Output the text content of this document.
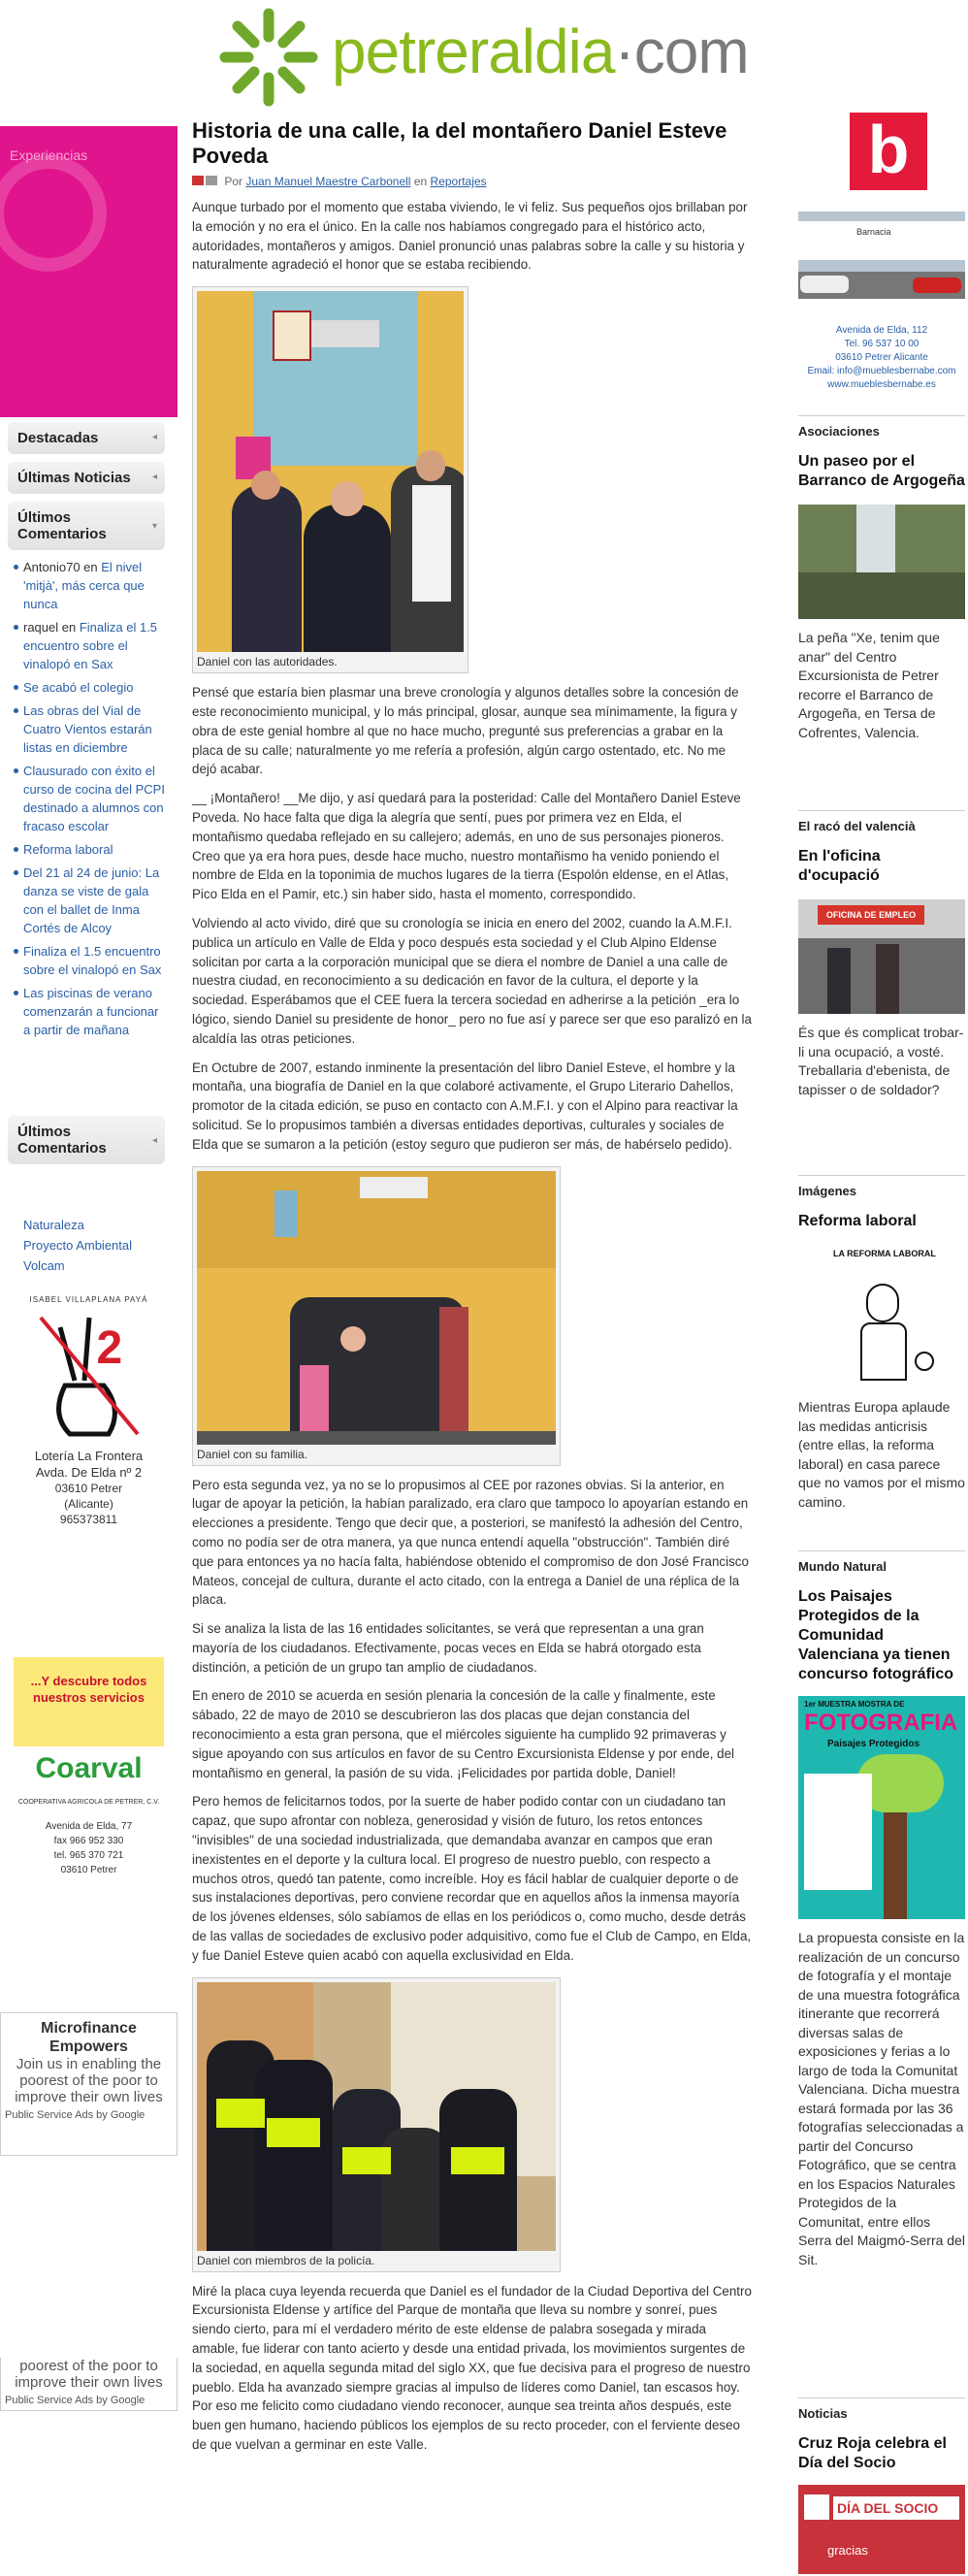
petreraldia·com
Experiencias
Destacadas	◂
Últimas Noticias ◂
Últimos Comentarios	▾
Antonio70 en El nivel 'mitjà', más cerca que nunca
raquel en Finaliza el 1.5 encuentro sobre el vinalopó en Sax
Se acabó el colegio
Las obras del Vial de Cuatro Vientos estarán listas en diciembre
Clausurado con éxito el curso de cocina del PCPI destinado a alumnos con fracaso escolar
Reforma laboral
Del 21 al 24 de junio: La danza se viste de gala con el ballet de Inma Cortés de Alcoy
Finaliza el 1.5 encuentro sobre el vinalopó en Sax
Las piscinas de verano comenzarán a funcionar a partir de mañana
Últimos Comentarios	◂
Naturaleza
Proyecto Ambiental
Volcam
ISABEL VILLAPLANA PAYÁ
2
Lotería La Frontera
Avda. De Elda nº 2
03610 Petrer
(Alicante)
965373811
...Y descubre todos nuestros servicios
Coarval
COOPERATIVA AGRICOLA DE PETRER, C.V.
Avenida de Elda, 77
fax 966 952 330
tel. 965 370 721
03610 Petrer
Microfinance Empowers
Join us in enabling the poorest of the poor to improve their own lives
Public Service Ads by Google
poorest of the poor to improve their own lives
Public Service Ads by Google
Historia de una calle, la del montañero Daniel Esteve Poveda
Por Juan Manuel Maestre Carbonell en Reportajes

Aunque turbado por el momento que estaba viviendo, le vi feliz. Sus pequeños ojos brillaban por la emoción y no era el único. En la calle nos habíamos congregado para el histórico acto, autoridades, montañeros y amigos. Daniel pronunció unas palabras sobre la calle y su historia y naturalmente agradeció el honor que se estaba recibiendo.

Daniel con las autoridades.

Pensé que estaría bien plasmar una breve cronología y algunos detalles sobre la concesión de este reconocimiento municipal, y lo más principal, glosar, aunque sea mínimamente, la figura y obra de este genial hombre al que no hace mucho, pregunté sus preferencias a grabar en la placa de su calle; naturalmente yo me refería a profesión, algún cargo ostentado, etc. No me dejó acabar.

__ ¡Montañero! __Me dijo, y así quedará para la posteridad: Calle del Montañero Daniel Esteve Poveda. No hace falta que diga la alegría que sentí, pues por primera vez en Elda, el montañismo quedaba reflejado en su callejero; además, en uno de sus personajes pioneros. Creo que ya era hora pues, desde hace mucho, nuestro montañismo ha venido poniendo el nombre de Elda en la toponimia de muchos lugares de la tierra (Espolón eldense, en el Atlas, Pico Elda en el Pamir, etc.) sin haber sido, hasta el momento, correspondido.

Volviendo al acto vivido, diré que su cronología se inicia en enero del 2002, cuando la A.M.F.I. publica un artículo en Valle de Elda y poco después esta sociedad y el Club Alpino Eldense solicitan por carta a la corporación municipal que se diera el nombre de Daniel a una calle de nuestra ciudad, en reconocimiento a su dedicación en favor de la cultura, el deporte y la sociedad. Esperábamos que el CEE fuera la tercera sociedad en adherirse a la petición _era lo lógico, siendo Daniel su presidente de honor_ pero no fue así y parece ser que eso paralizó en la alcaldía las otras peticiones.

En Octubre de 2007, estando inminente la presentación del libro Daniel Esteve, el hombre y la montaña, una biografía de Daniel en la que colaboré activamente, el Grupo Literario Dahellos, promotor de la citada edición, se puso en contacto con A.M.F.I. y con el Alpino para reactivar la solicitud. Se lo propusimos también a diversas entidades deportivas, culturales y sociales de Elda que se sumaron a la petición (estoy seguro que pudieron ser más, de habérselo pedido).

Daniel con su familia.

Pero esta segunda vez, ya no se lo propusimos al CEE por razones obvias. Si la anterior, en lugar de apoyar la petición, la habían paralizado, era claro que tampoco lo apoyarían estando en elecciones a presidente. Tengo que decir que, a posteriori, se manifestó la adhesión del Centro, como no podía ser de otra manera, ya que nunca entendí aquella "obstrucción". También diré que para entonces ya no hacía falta, habiéndose obtenido el compromiso de don José Francisco Mateos, concejal de cultura, durante el acto citado, con la entrega a Daniel de una réplica de la placa.

Si se analiza la lista de las 16 entidades solicitantes, se verá que representan a una gran mayoría de los ciudadanos. Efectivamente, pocas veces en Elda se habrá otorgado esta distinción, a petición de un grupo tan amplio de ciudadanos.

En enero de 2010 se acuerda en sesión plenaria la concesión de la calle y finalmente, este sábado, 22 de mayo de 2010 se descubrieron las dos placas que dejan constancia del reconocimiento a esta gran persona, que el miércoles siguiente ha cumplido 92 primaveras y sigue apoyando con sus artículos en favor de su Centro Excursionista Eldense y por ende, del montañismo en general, la pasión de su vida. ¡Felicidades por partida doble, Daniel!

Pero hemos de felicitarnos todos, por la suerte de haber podido contar con un ciudadano tan capaz, que supo afrontar con nobleza, generosidad y visión de futuro, los retos entonces "invisibles" de una sociedad industrializada, que demandaba avanzar en campos que eran inexistentes en el deporte y la cultura local. El progreso de nuestro pueblo, con respecto a muchos otros, quedó tan patente, como increíble. Hoy es fácil hablar de cualquier deporte o de sus instalaciones deportivas, pero conviene recordar que en aquellos años la inmensa mayoría de los jóvenes eldenses, sólo sabíamos de ellas en los periódicos o, como mucho, desde detrás de las vallas de sociedades de exclusivo poder adquisitivo, como fue el Club de Campo, en Elda, y fue Daniel Esteve quien acabó con aquella exclusividad en Elda.

Daniel con miembros de la policía.

Miré la placa cuya leyenda recuerda que Daniel es el fundador de la Ciudad Deportiva del Centro Excursionista Eldense y artífice del Parque de montaña que lleva su nombre y sonreí, pues siendo cierto, para mí el verdadero mérito de este eldense de palabra sosegada y mirada amable, fue liderar con tanto acierto y desde una entidad privada, los movimientos surgentes de la sociedad, en aquella segunda mitad del siglo XX, que fue decisiva para el progreso de nuestro pueblo. Elda ha avanzado siempre gracias al impulso de líderes como Daniel, tan escasos hoy. Por eso me felicito como ciudadano viendo reconocer, aunque sea treinta años después, este buen gen humano, haciendo públicos los ejemplos de su recto proceder, con el ferviente deseo de que vuelvan a germinar en este Valle.

b
Barnacia
Avenida de Elda, 112
Tel. 96 537 10 00
03610 Petrer Alicante
Email: info@mueblesbernabe.com
www.mueblesbernabe.es
Asociaciones
Un paseo por el Barranco de Argogeña
La peña "Xe, tenim que anar" del Centro Excursionista de Petrer recorre el Barranco de Argogeña, en Tersa de Cofrentes, Valencia.
El racó del valencià
En l'oficina d'ocupació
OFICINA DE EMPLEO
És que és complicat trobar-li una ocupació, a vosté. Treballaria d'ebenista, de tapisser o de soldador?
Imágenes
Reforma laboral
LA REFORMA LABORAL
Mientras Europa aplaude las medidas anticrisis (entre ellas, la reforma laboral) en casa parece que no vamos por el mismo camino.
Mundo Natural
Los Paisajes Protegidos de la Comunidad Valenciana ya tienen concurso fotográfico
1er MUESTRA MOSTRA DE
FOTOGRAFIA
Paisajes Protegidos
La propuesta consiste en la realización de un concurso de fotografía y el montaje de una muestra fotográfica itinerante que recorrerá diversas salas de exposiciones y ferias a lo largo de toda la Comunitat Valenciana. Dicha muestra estará formada por las 36 fotografías seleccionadas a partir del Concurso Fotográfico, que se centra en los Espacios Naturales Protegidos de la Comunitat, entre ellos Serra del Maigmó-Serra del Sit.
Noticias
Cruz Roja celebra el Día del Socio
DÍA DEL SOCIO
gracias
